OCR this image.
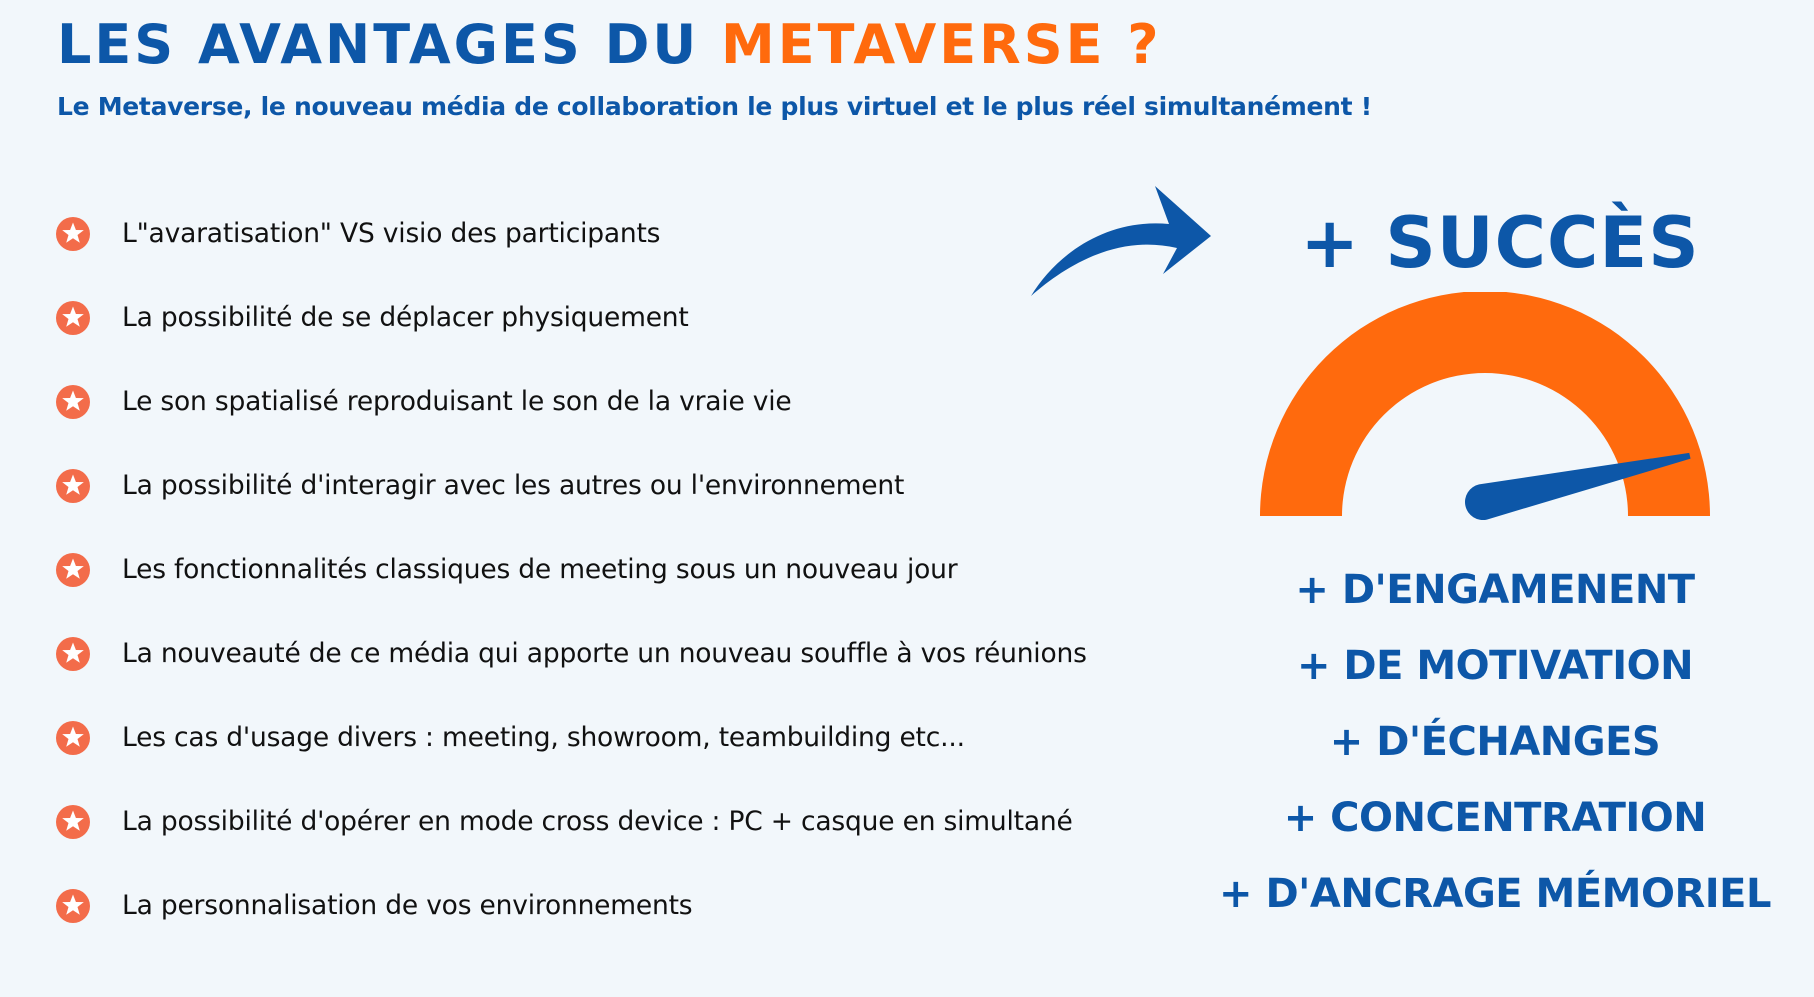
LES AVANTAGES DU METAVERSE ?
Le Metaverse, le nouveau média de collaboration le plus virtuel et le plus réel simultanément !
L"avaratisation" VS visio des participants
La possibilité de se déplacer physiquement
Le son spatialisé reproduisant le son de la vraie vie
La possibilité d'interagir avec les autres ou l'environnement
Les fonctionnalités classiques de meeting sous un nouveau jour
La nouveauté de ce média qui apporte un nouveau souffle à vos réunions
Les cas d'usage divers : meeting, showroom, teambuilding etc...
La possibilité d'opérer en mode cross device : PC + casque en simultané
La personnalisation de vos environnements
+ SUCCÈS
+ D'ENGAMENENT
+ DE MOTIVATION
+ D'ÉCHANGES
+ CONCENTRATION
+ D'ANCRAGE MÉMORIEL
